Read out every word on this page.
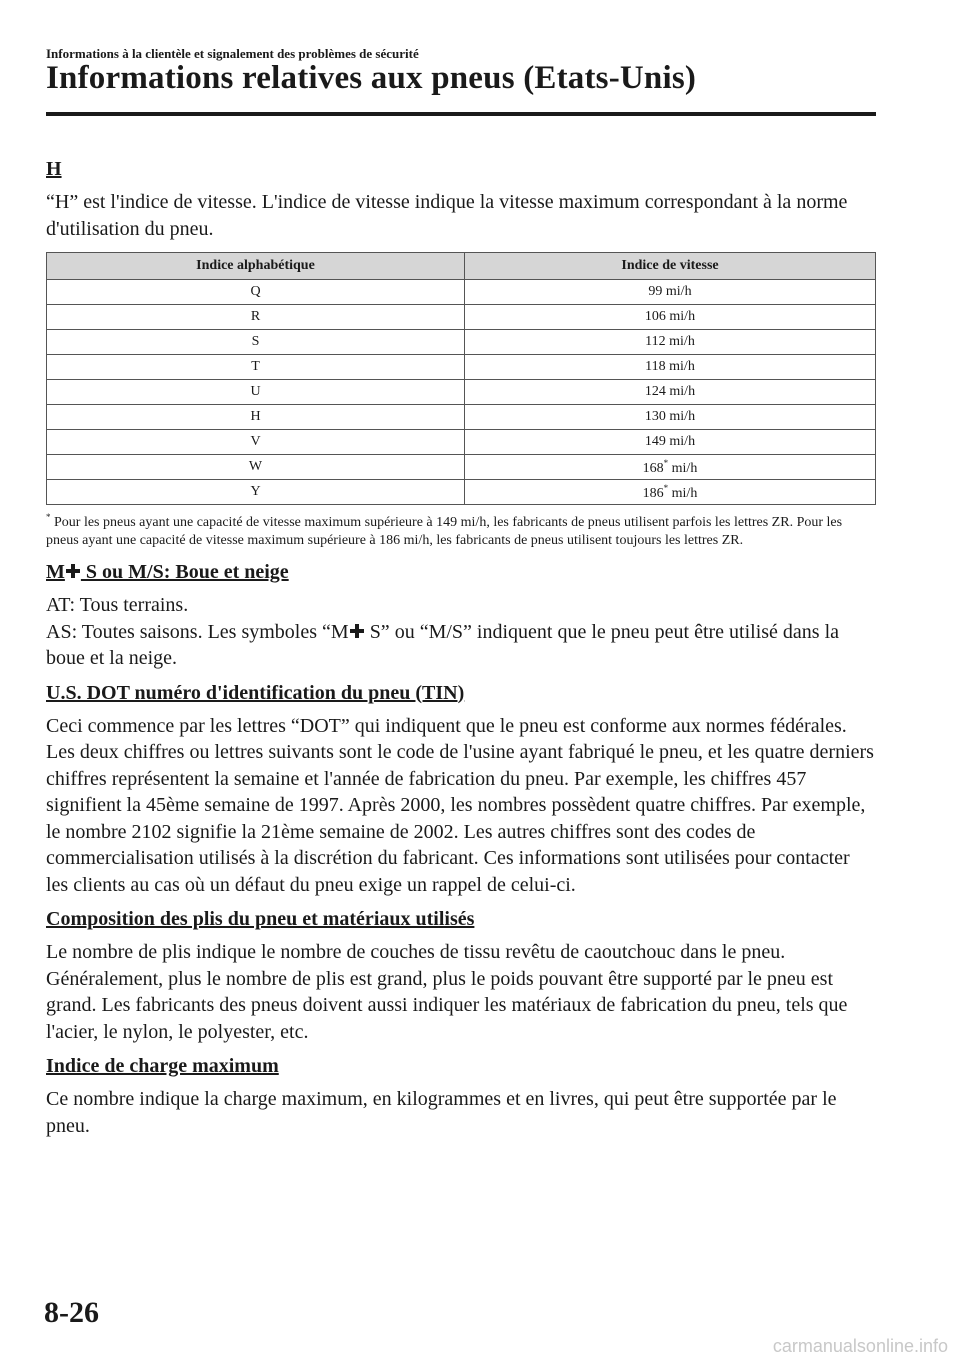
Informations à la clientèle et signalement des problèmes de sécurité
Informations relatives aux pneus (Etats-Unis)
H

“H” est l'indice de vitesse. L'indice de vitesse indique la vitesse maximum correspondant à la norme d'utilisation du pneu.

Indice alphabétique	Indice de vitesse
Q	99 mi/h
R	106 mi/h
S	112 mi/h
T	118 mi/h
U	124 mi/h
H	130 mi/h
V	149 mi/h
W	168* mi/h
Y	186* mi/h

* Pour les pneus ayant une capacité de vitesse maximum supérieure à 149 mi/h, les fabricants de pneus utilisent parfois les lettres ZR. Pour les pneus ayant une capacité de vitesse maximum supérieure à 186 mi/h, les fabricants de pneus utilisent toujours les lettres ZR.

M S ou M/S: Boue et neige

AT: Tous terrains.

AS: Toutes saisons. Les symboles “M S” ou “M/S” indiquent que le pneu peut être utilisé dans la boue et la neige.

U.S. DOT numéro d'identification du pneu (TIN)

Ceci commence par les lettres “DOT” qui indiquent que le pneu est conforme aux normes fédérales. Les deux chiffres ou lettres suivants sont le code de l'usine ayant fabriqué le pneu, et les quatre derniers chiffres représentent la semaine et l'année de fabrication du pneu. Par exemple, les chiffres 457 signifient la 45ème semaine de 1997. Après 2000, les nombres possèdent quatre chiffres. Par exemple, le nombre 2102 signifie la 21ème semaine de 2002. Les autres chiffres sont des codes de commercialisation utilisés à la discrétion du fabricant. Ces informations sont utilisées pour contacter les clients au cas où un défaut du pneu exige un rappel de celui-ci.

Composition des plis du pneu et matériaux utilisés

Le nombre de plis indique le nombre de couches de tissu revêtu de caoutchouc dans le pneu. Généralement, plus le nombre de plis est grand, plus le poids pouvant être supporté par le pneu est grand. Les fabricants des pneus doivent aussi indiquer les matériaux de fabrication du pneu, tels que l'acier, le nylon, le polyester, etc.

Indice de charge maximum

Ce nombre indique la charge maximum, en kilogrammes et en livres, qui peut être supportée par le pneu.

8-26
carmanualsonline.info
